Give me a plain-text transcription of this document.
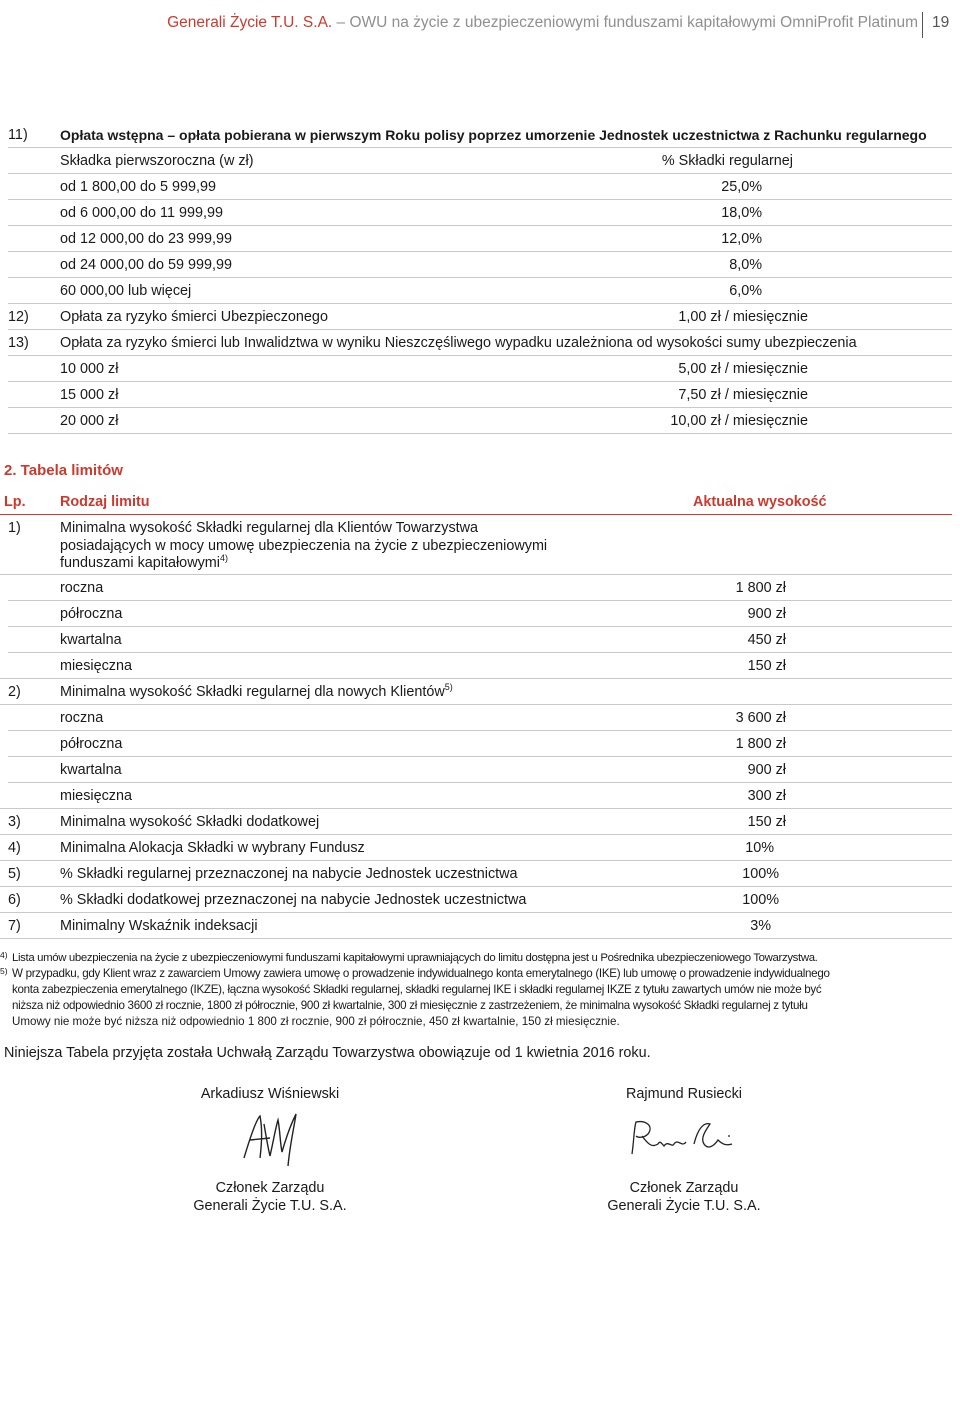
Generali Życie T.U. S.A. – OWU na życie z ubezpieczeniowymi funduszami kapitałowymi OmniProfit Platinum 19
11) Opłata wstępna – opłata pobierana w pierwszym Roku polisy poprzez umorzenie Jednostek uczestnictwa z Rachunku regularnego
Składka pierwszoroczna (w zł)	% Składki regularnej
od 1 800,00 do 5 999,99	25,0%
od 6 000,00 do 11 999,99	18,0%
od 12 000,00 do 23 999,99	12,0%
od 24 000,00 do 59 999,99	8,0%
60 000,00 lub więcej	6,0%
12) Opłata za ryzyko śmierci Ubezpieczonego	1,00 zł / miesięcznie
13) Opłata za ryzyko śmierci lub Inwalidztwa w wyniku Nieszczęśliwego wypadku uzależniona od wysokości sumy ubezpieczenia
10 000 zł	5,00 zł / miesięcznie
15 000 zł	7,50 zł / miesięcznie
20 000 zł	10,00 zł / miesięcznie
2. Tabela limitów
Lp. Rodzaj limitu	Aktualna wysokość
1)	Minimalna wysokość Składki regularnej dla Klientów Towarzystwa
posiadających w mocy umowę ubezpieczenia na życie z ubezpieczeniowymi
funduszami kapitałowymi$^{4)}$
roczna	1 800 zł
półroczna	900 zł
kwartalna	450 zł
miesięczna	150 zł
2)	Minimalna wysokość Składki regularnej dla nowych Klientów$^{5)}$
roczna	3 600 zł
półroczna	1 800 zł
kwartalna	900 zł
miesięczna	300 zł
3)	Minimalna wysokość Składki dodatkowej	150 zł
4)	Minimalna Alokacja Składki w wybrany Fundusz	10%
5)	% Składki regularnej przeznaczonej na nabycie Jednostek uczestnictwa	100%
6)	% Składki dodatkowej przeznaczonej na nabycie Jednostek uczestnictwa	100%
7)	Minimalny Wskaźnik indeksacji	3%
4) Lista umów ubezpieczenia na życie z ubezpieczeniowymi funduszami kapitałowymi uprawniających do limitu dostępna jest u Pośrednika ubezpieczeniowego Towarzystwa.
5) W przypadku, gdy Klient wraz z zawarciem Umowy zawiera umowę o prowadzenie indywidualnego konta emerytalnego (IKE) lub umowę o prowadzenie indywidualnego
konta zabezpieczenia emerytalnego (IKZE), łączna wysokość Składki regularnej, składki regularnej IKE i składki regularnej IKZE z tytułu zawartych umów nie może być
niższa niż odpowiednio 3600 zł rocznie, 1800 zł półrocznie, 900 zł kwartalnie, 300 zł miesięcznie z zastrzeżeniem, że minimalna wysokość Składki regularnej z tytułu
Umowy nie może być niższa niż odpowiednio 1 800 zł rocznie, 900 zł półrocznie, 450 zł kwartalnie, 150 zł miesięcznie.
Niniejsza Tabela przyjęta została Uchwałą Zarządu Towarzystwa obowiązuje od 1 kwietnia 2016 roku.
Arkadiusz Wiśniewski
Członek Zarządu
Generali Życie T.U. S.A.
Rajmund Rusiecki
Członek Zarządu
Generali Życie T.U. S.A.
